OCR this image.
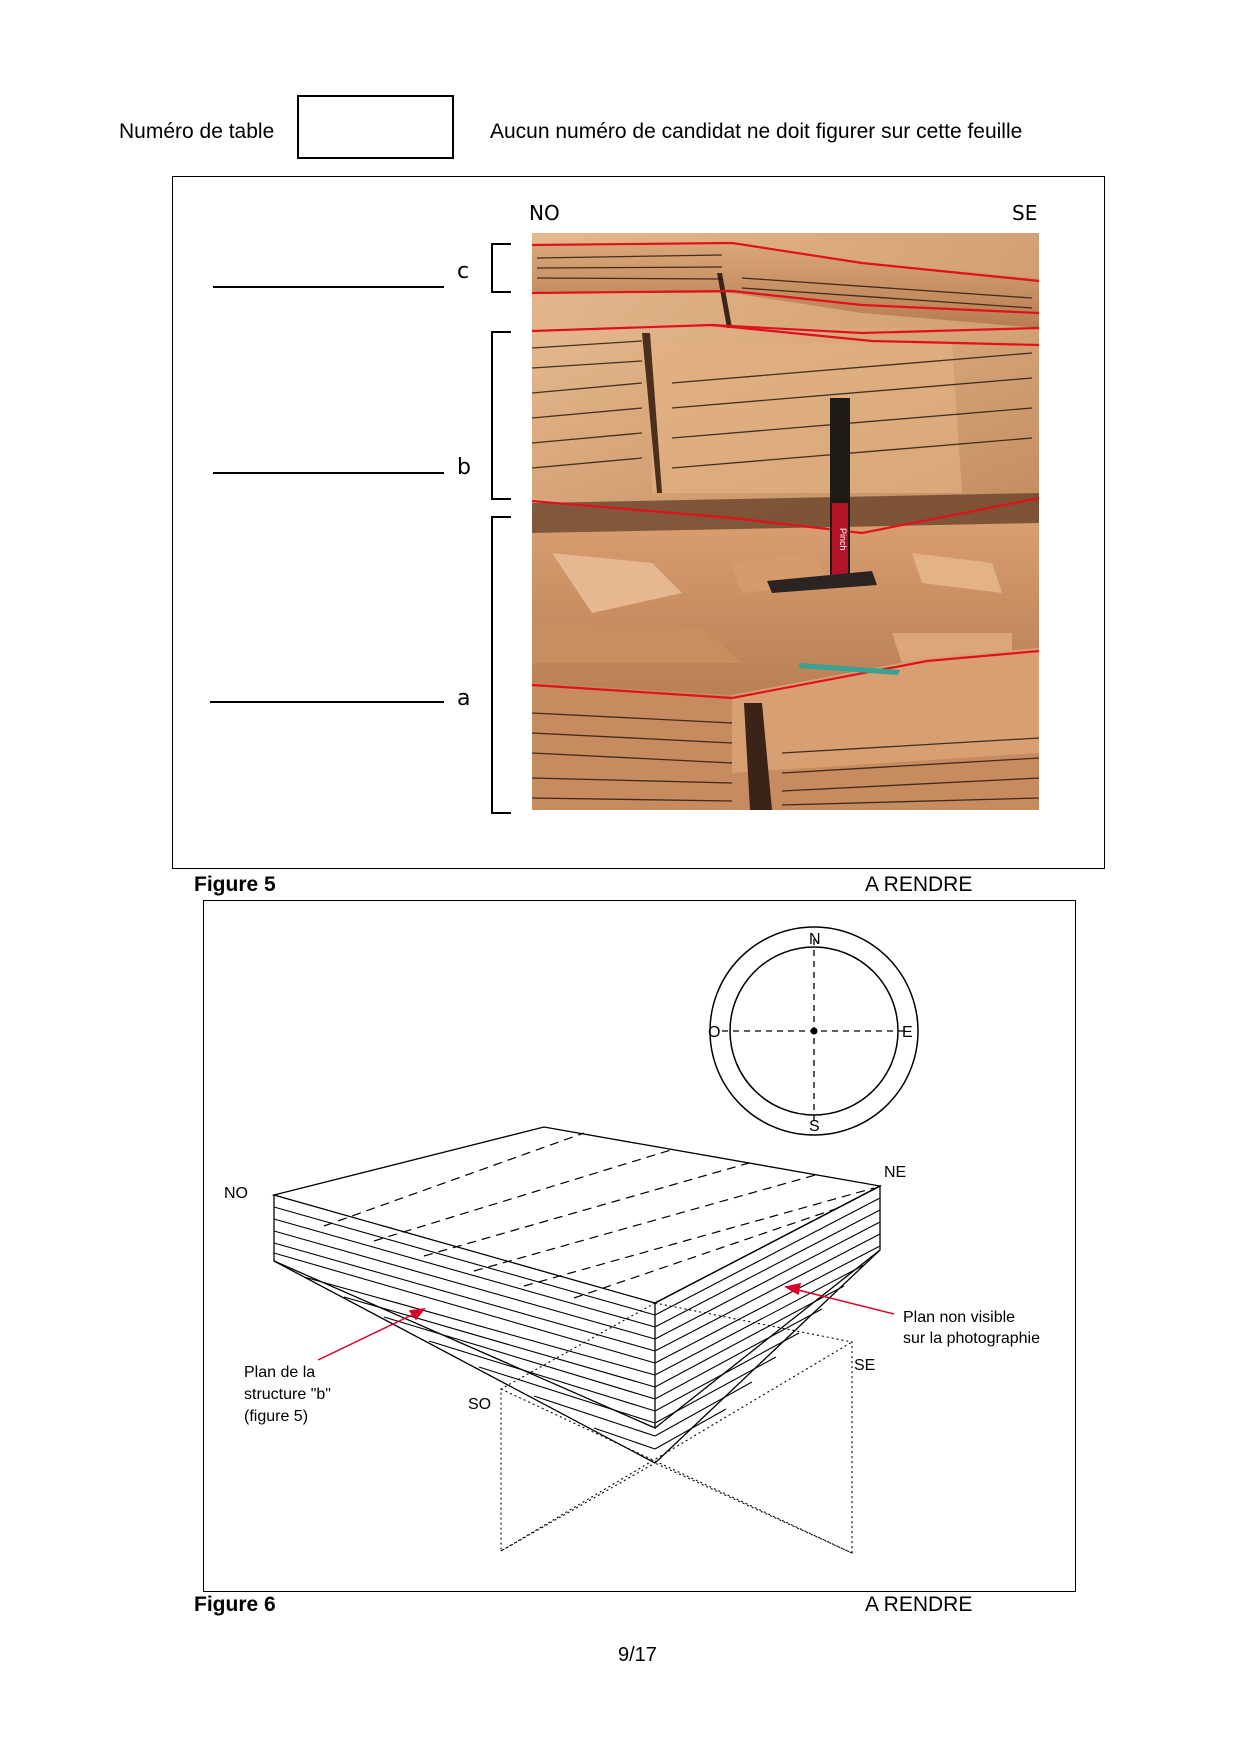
Numéro de table	Aucun numéro de candidat ne doit figurer sur cette feuille
NO	SE
c
b
a
Pinch
Figure 5	A RENDRE
N
S
E
O
NO
NE
SE
SO
Plan de la
structure "b"
(figure 5)
Plan non visible
sur la photographie
Figure 6	A RENDRE
9/17
